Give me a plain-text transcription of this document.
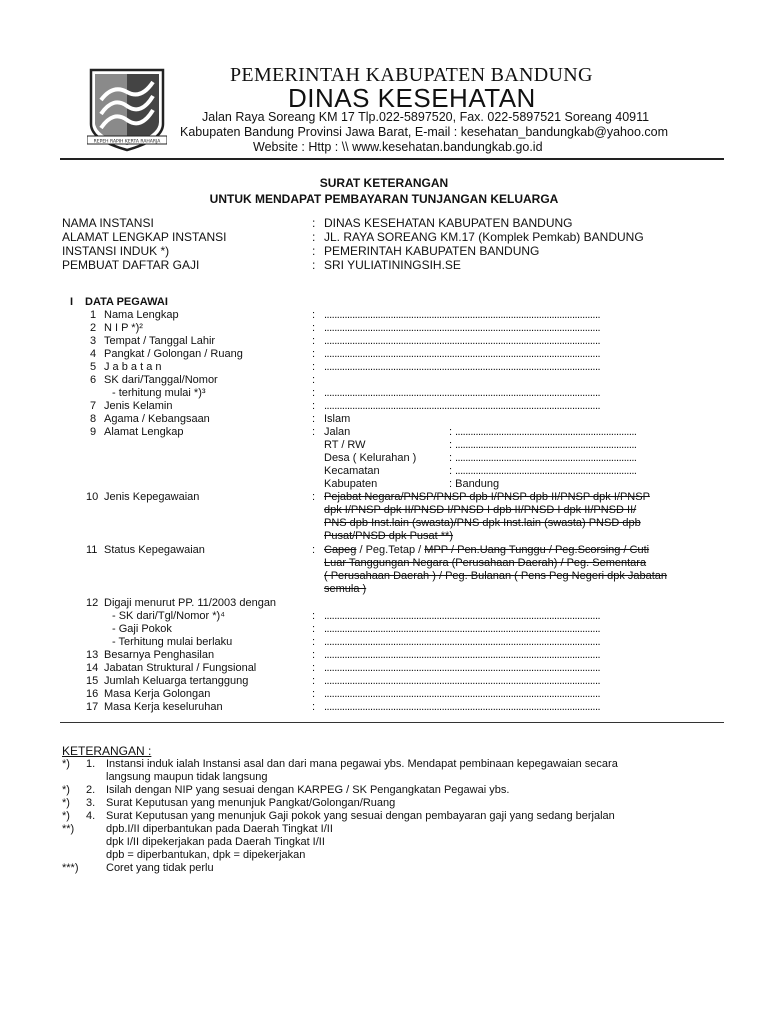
REPEH RAPIH KERTA RAHARJA
PEMERINTAH KABUPATEN BANDUNG
DINAS KESEHATAN
Jalan Raya Soreang KM 17 Tlp.022-5897520, Fax. 022-5897521 Soreang 40911
Kabupaten Bandung Provinsi Jawa Barat, E-mail : kesehatan_bandungkab@yahoo.com
Website : Http : \\ www.kesehatan.bandungkab.go.id
SURAT KETERANGAN
UNTUK MENDAPAT PEMBAYARAN TUNJANGAN KELUARGA
NAMA INSTANSI	: DINAS KESEHATAN KABUPATEN BANDUNG
ALAMAT LENGKAP INSTANSI	: JL. RAYA SOREANG KM.17 (Komplek Pemkab) BANDUNG
INSTANSI INDUK *)	: PEMERINTAH KABUPATEN BANDUNG
PEMBUAT DAFTAR GAJI	: SRI YULIATININGSIH.SE
I DATA PEGAWAI
1 Nama Lengkap	: ............................................................................................................
2 N I P *)²	: ............................................................................................................
3 Tempat / Tanggal Lahir	: ............................................................................................................
4 Pangkat / Golongan / Ruang	: ............................................................................................................
5 J a b a t a n	: ............................................................................................................
6 SK dari/Tanggal/Nomor	:
- terhitung mulai *)³	: ............................................................................................................
7 Jenis Kelamin	: ............................................................................................................
8 Agama / Kebangsaan	: Islam
9 Alamat Lengkap	: Jalan	: .......................................................................
RT / RW	: .......................................................................
Desa ( Kelurahan )	: .......................................................................
Kecamatan	: .......................................................................
Kabupaten	: Bandung
10 Jenis Kepegawaian	: Pejabat Negara/PNSP/PNSP dpb I/PNSP dpb II/PNSP dpk I/PNSP
dpk I/PNSP dpk II/PNSD I/PNSD I dpb II/PNSD I dpk II/PNSD II/
PNS dpb Inst.lain (swasta)/PNS dpk Inst.lain (swasta) PNSD dpb
Pusat/PNSD dpk Pusat **)
11 Status Kepegawaian	: Capeg / Peg.Tetap / MPP / Pen.Uang Tunggu / Peg.Scorsing / Cuti
Luar Tanggungan Negara (Perusahaan Daerah) / Peg. Sementara
( Perusahaan Daerah ) / Peg. Bulanan ( Pens Peg Negeri dpk Jabatan
semula )
12 Digaji menurut PP. 11/2003 dengan
- SK dari/Tgl/Nomor *)⁴	: ............................................................................................................
- Gaji Pokok	: ............................................................................................................
- Terhitung mulai berlaku	: ............................................................................................................
13 Besarnya Penghasilan	: ............................................................................................................
14 Jabatan Struktural / Fungsional	: ............................................................................................................
15 Jumlah Keluarga tertanggung	: ............................................................................................................
16 Masa Kerja Golongan	: ............................................................................................................
17 Masa Kerja keseluruhan	: ............................................................................................................
KETERANGAN :
*) 1. Instansi induk ialah Instansi asal dan dari mana pegawai ybs. Mendapat pembinaan kepegawaian secara
langsung maupun tidak langsung
*) 2. Isilah dengan NIP yang sesuai dengan KARPEG / SK Pengangkatan Pegawai ybs.
*) 3. Surat Keputusan yang menunjuk Pangkat/Golongan/Ruang
*) 4. Surat Keputusan yang menunjuk Gaji pokok yang sesuai dengan pembayaran gaji yang sedang berjalan
**)	dpb.I/II diperbantukan pada Daerah Tingkat I/II
dpk I/II dipekerjakan pada Daerah Tingkat I/II
dpb = diperbantukan, dpk = dipekerjakan
***) Coret yang tidak perlu
